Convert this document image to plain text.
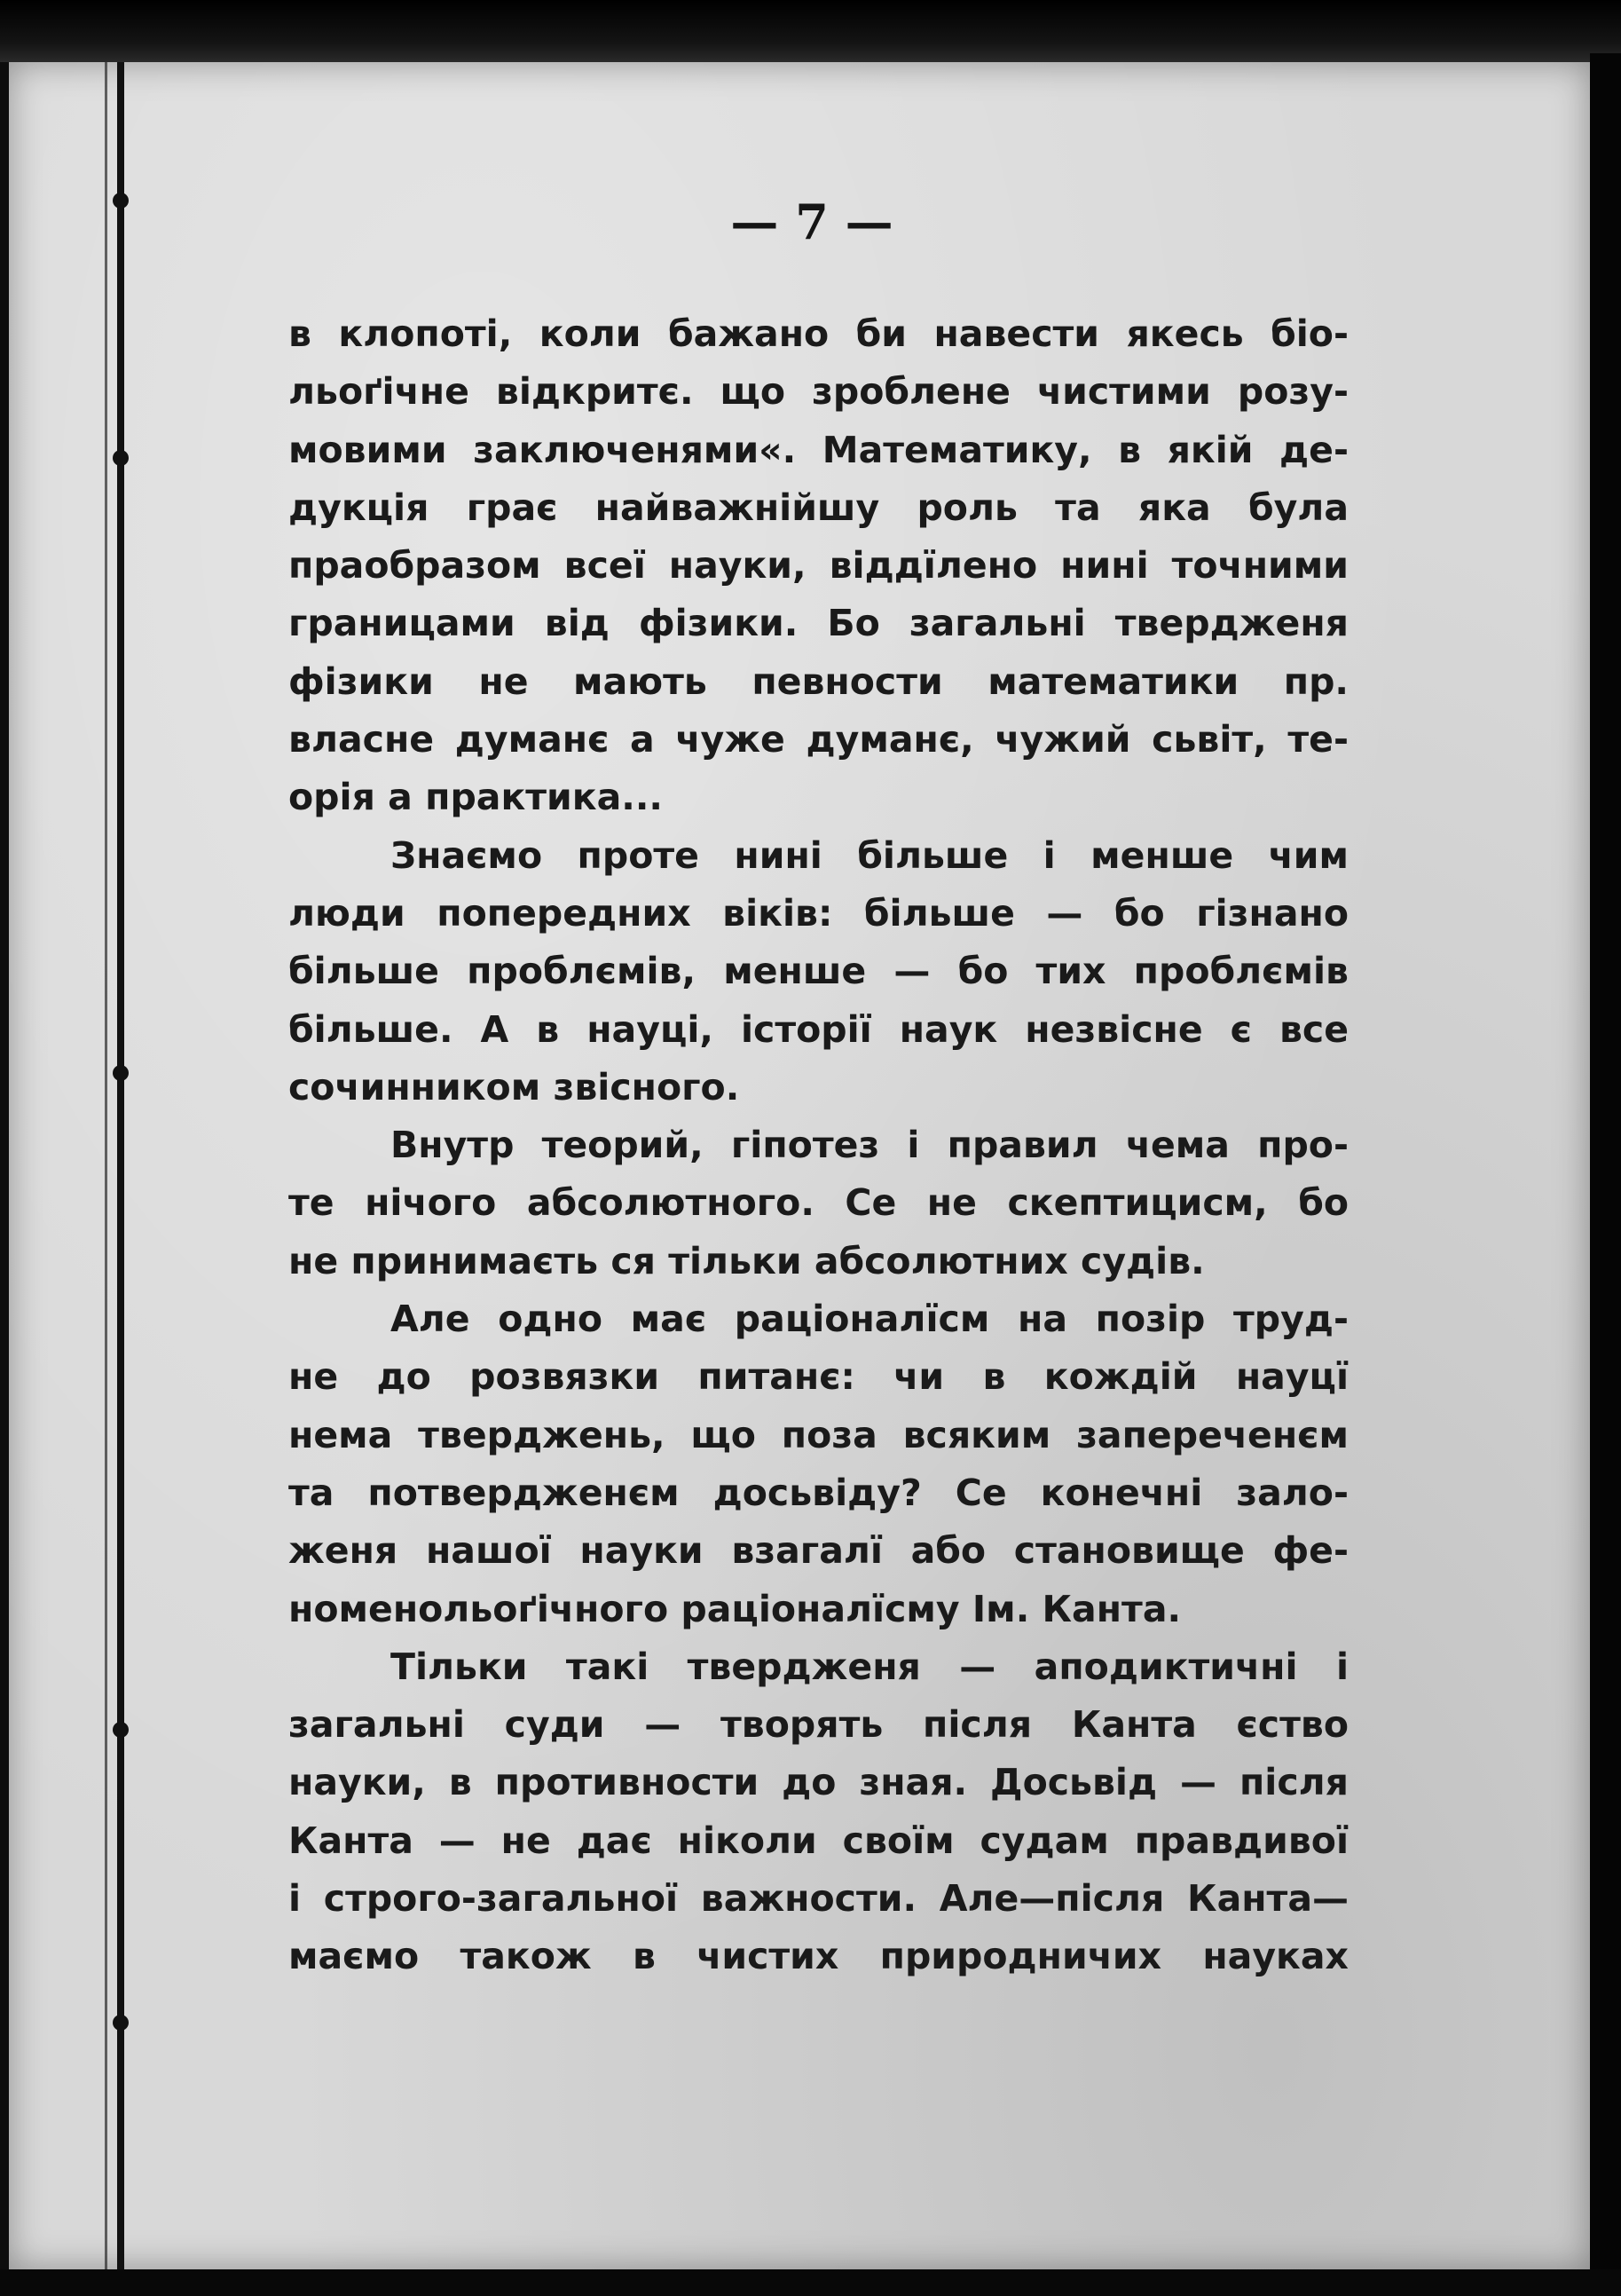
— 7 —
в клопоті, коли бажано би навести якесь біо-
льоґічне відкритє. що зроблене чистими розу-
мовими заключенями«. Математику, в якій де-
дукція грає найважнійшу роль та яка була
праобразом всеї науки, віддїлено нині точними
границами від фізики. Бо загальні твердженя
фізики не мають певности математики пр.
власне думанє а чуже думанє, чужий сьвіт, те-
орія а практика...
Знаємо проте нині більше і менше чим
люди попередних віків: більше — бо гізнано
більше проблємів, менше — бо тих проблємів
більше. А в науці, історії наук незвісне є все
сочинником звісного.
Внутр теорий, гіпотез і правил чема про-
те нічого абсолютного. Се не скептицисм, бо
не принимаєть ся тільки абсолютних судів.
Але одно має раціоналїсм на позір труд-
не до розвязки питанє: чи в кождій науцї
нема тверджень, що поза всяким запереченєм
та потвердженєм досьвіду? Се конечні зало-
женя нашої науки взагалї або становище фе-
номенольоґічного раціоналїсму Ім. Канта.
Тільки такі твердженя — аподиктичні і
загальні суди — творять після Канта єство
науки, в противности до зная. Досьвід — після
Канта — не дає ніколи своїм судам правдивої
і строго-загальної важности. Але—після Канта—
маємо також в чистих природничих науках
